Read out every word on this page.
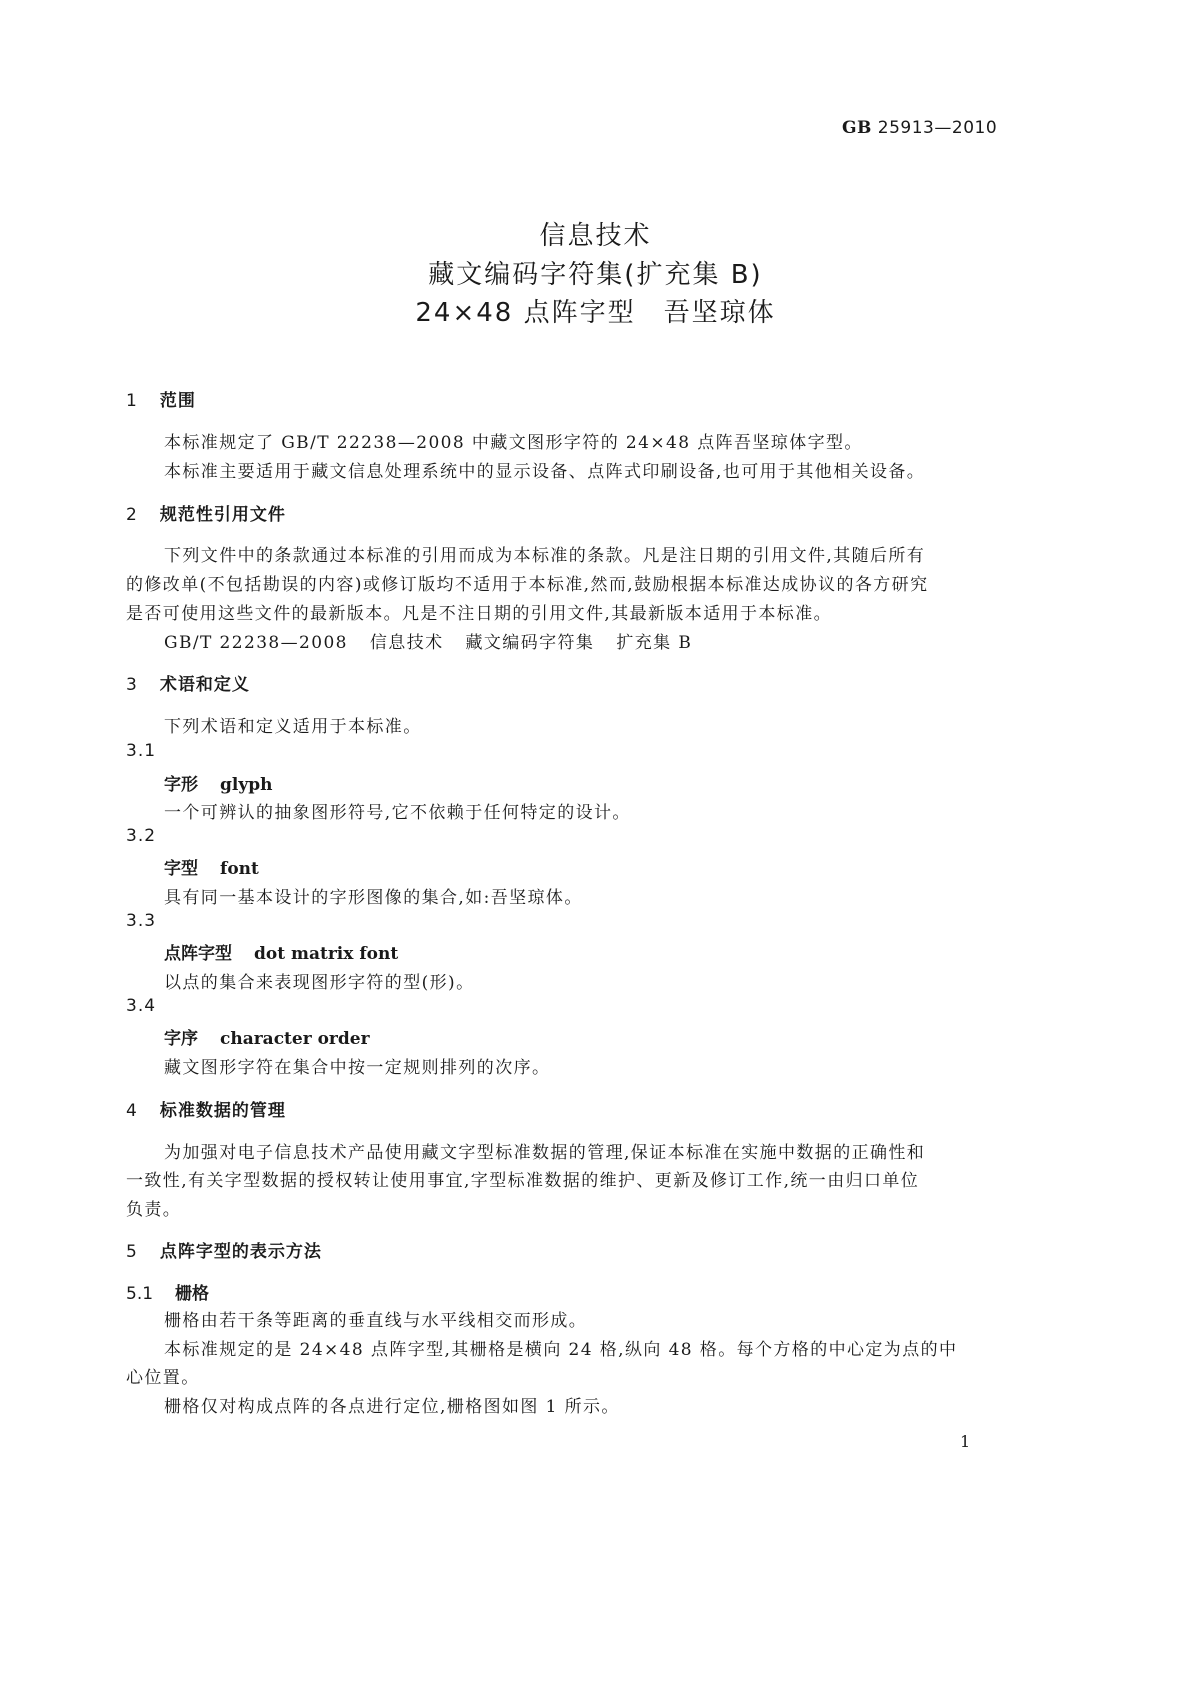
GB 25913—2010
信息技术
藏文编码字符集(扩充集 B)
24×48 点阵字型　吾坚琼体
1 范围
本标准规定了 GB/T 22238—2008 中藏文图形字符的 24×48 点阵吾坚琼体字型。
本标准主要适用于藏文信息处理系统中的显示设备、点阵式印刷设备,也可用于其他相关设备。
2 规范性引用文件
下列文件中的条款通过本标准的引用而成为本标准的条款。凡是注日期的引用文件,其随后所有
的修改单(不包括勘误的内容)或修订版均不适用于本标准,然而,鼓励根据本标准达成协议的各方研究
是否可使用这些文件的最新版本。凡是不注日期的引用文件,其最新版本适用于本标准。
GB/T 22238—2008 信息技术 藏文编码字符集 扩充集 B
3 术语和定义
下列术语和定义适用于本标准。
3.1
字形 glyph
一个可辨认的抽象图形符号,它不依赖于任何特定的设计。
3.2
字型 font
具有同一基本设计的字形图像的集合,如:吾坚琼体。
3.3
点阵字型 dot matrix font
以点的集合来表现图形字符的型(形)。
3.4
字序 character order
藏文图形字符在集合中按一定规则排列的次序。
4 标准数据的管理
为加强对电子信息技术产品使用藏文字型标准数据的管理,保证本标准在实施中数据的正确性和
一致性,有关字型数据的授权转让使用事宜,字型标准数据的维护、更新及修订工作,统一由归口单位
负责。
5 点阵字型的表示方法
5.1 栅格
栅格由若干条等距离的垂直线与水平线相交而形成。
本标准规定的是 24×48 点阵字型,其栅格是横向 24 格,纵向 48 格。每个方格的中心定为点的中
心位置。
栅格仅对构成点阵的各点进行定位,栅格图如图 1 所示。
1
